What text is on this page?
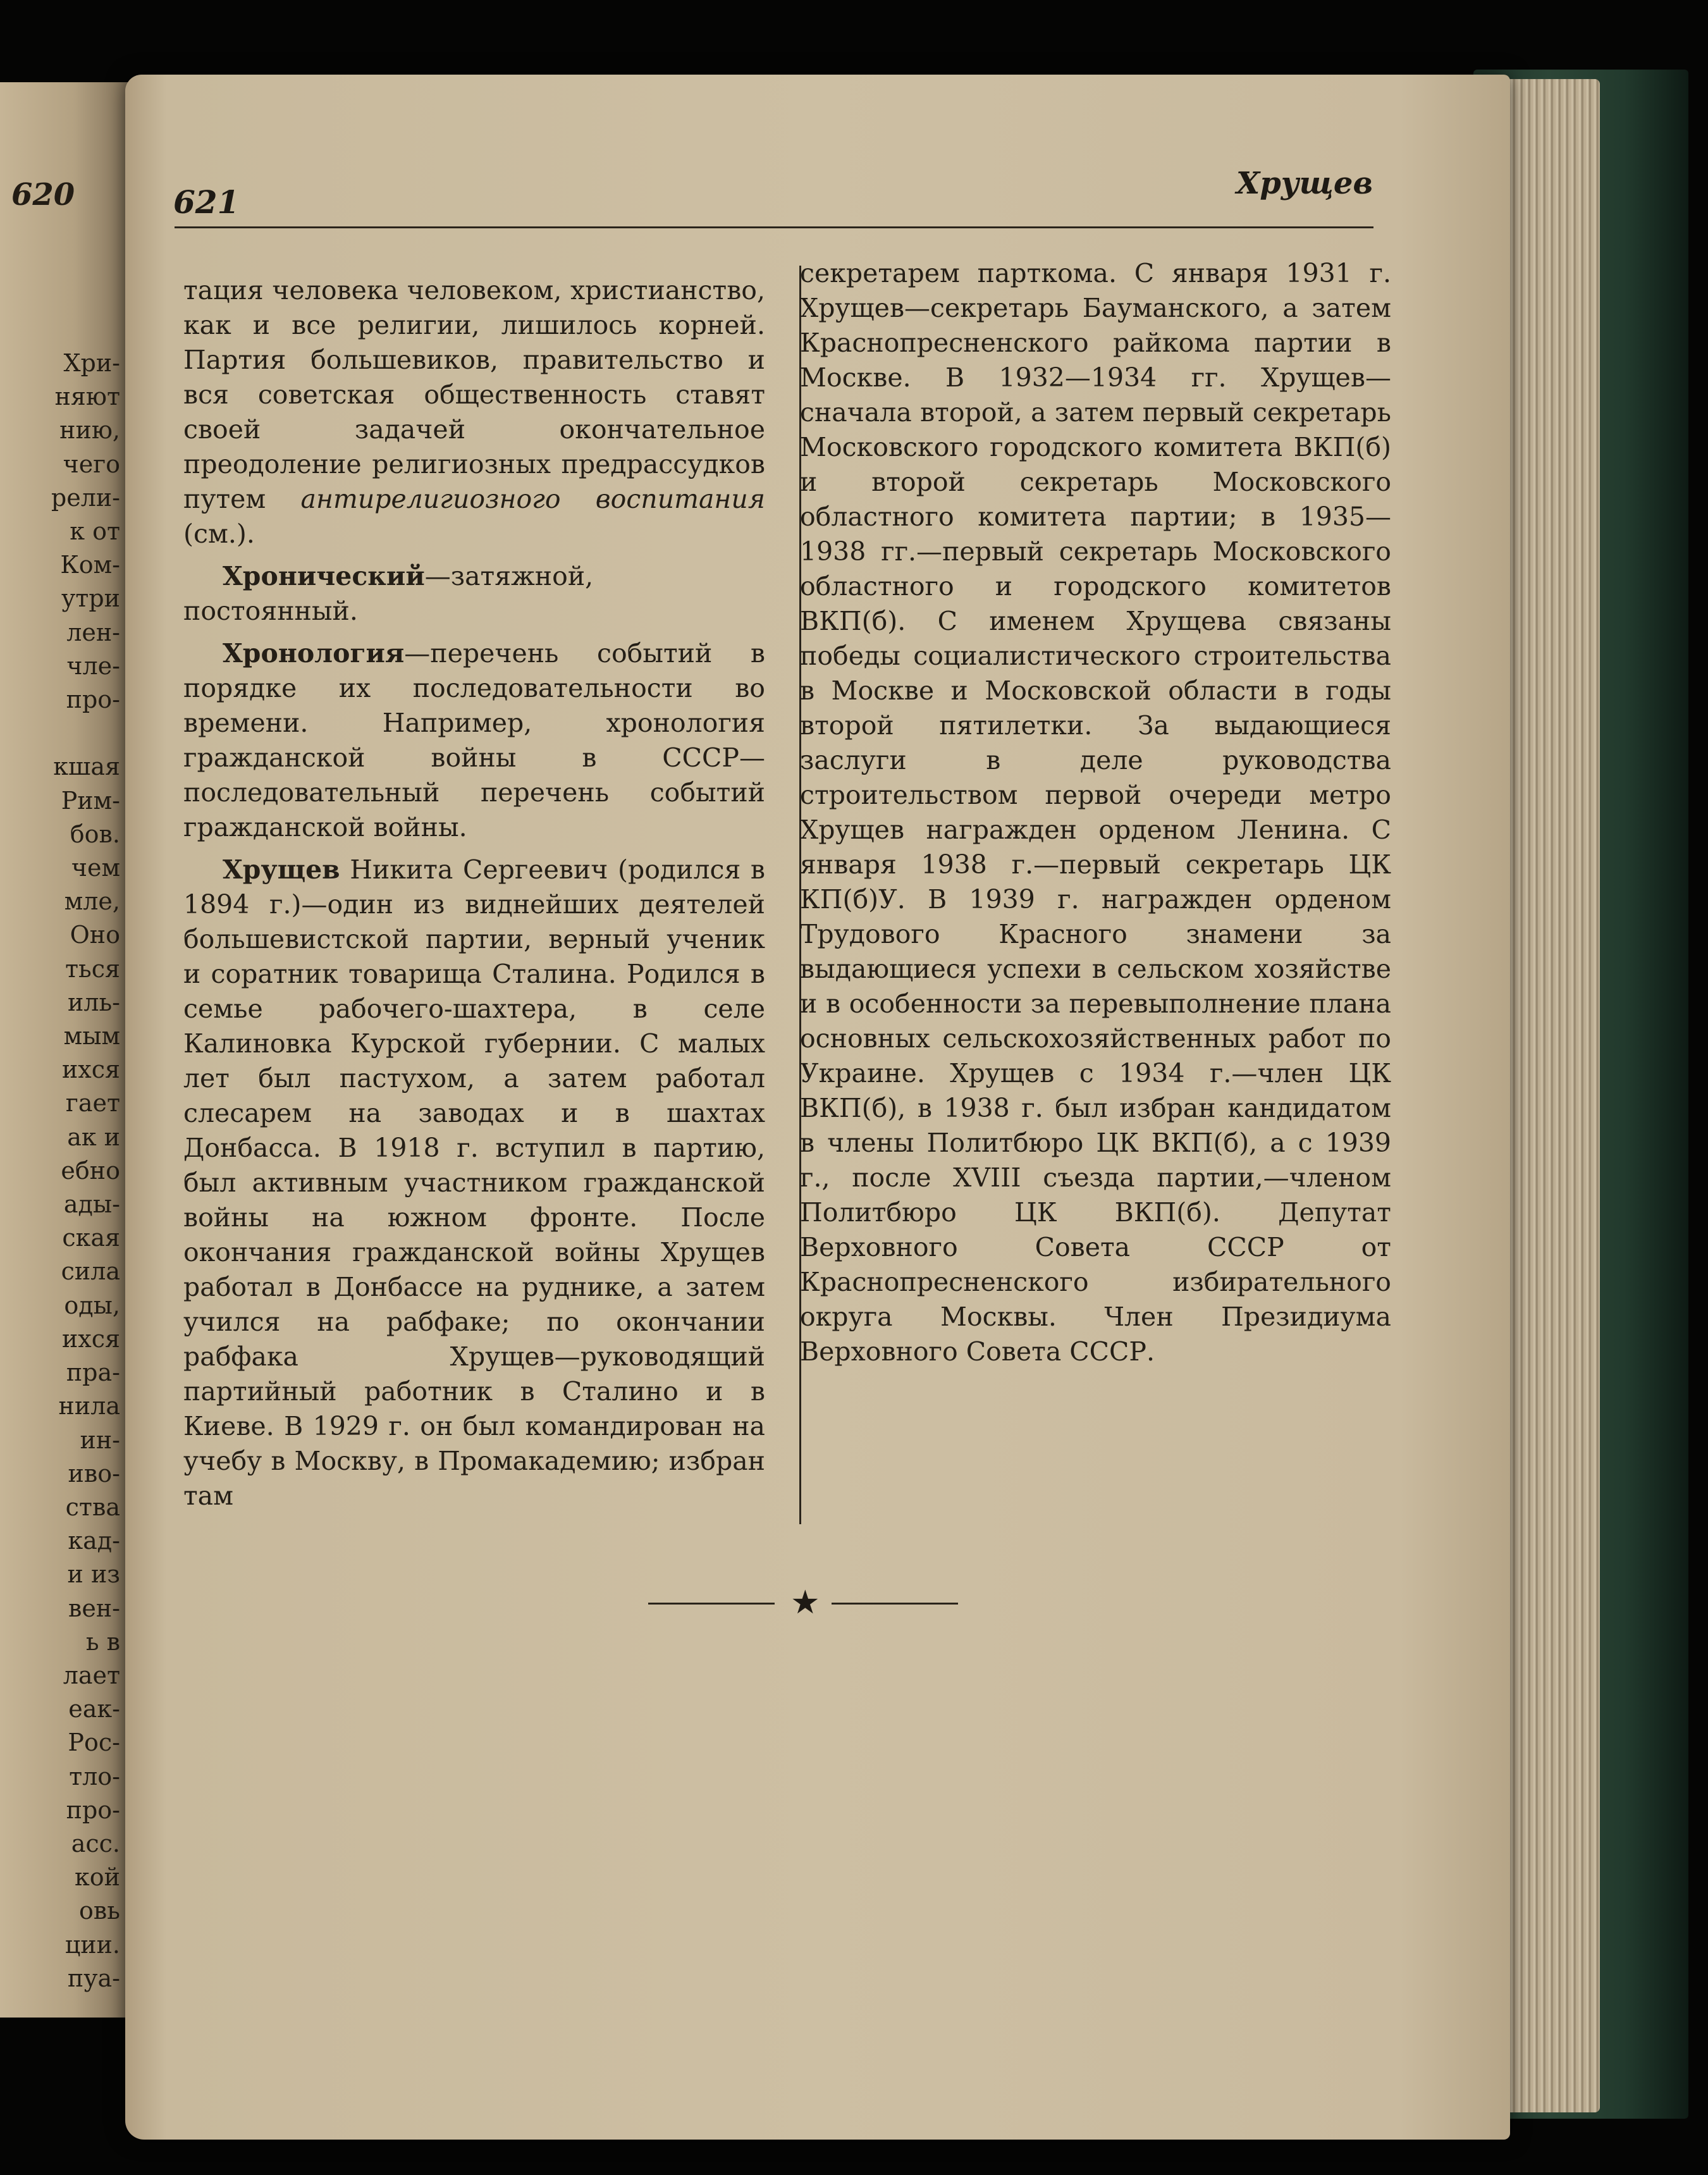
620
Хри-
няют
нию,
чего
рели-
к от
Ком-
утри
лен-
чле-
про-

кшая
Рим-
бов.
чем
мле,
Оно
ться
иль-
мым
ихся
гает
ак и
ебно
ады-
ская
сила
оды,
ихся
пра-
нила
ин-
иво-
ства
кад-
и из
вен-
ь в
лает
еак-
Рос-
тло-
про-
асс.
кой
овь
ции.
пуа-
621	Хрущев

тация человека человеком, христианство, как и все религии, лишилось корней. Партия большевиков, правительство и вся советская общественность ставят своей задачей окончательное преодоление религиозных предрассудков путем антирелигиозного воспитания (см.).

Хронический—затяжной, постоянный.

Хронология—перечень событий в порядке их последовательности во времени. Например, хронология гражданской войны в СССР—последовательный перечень событий гражданской войны.

Хрущев Никита Сергеевич (родился в 1894 г.)—один из виднейших деятелей большевистской партии, верный ученик и соратник товарища Сталина. Родился в семье рабочего-шахтера, в селе Калиновка Курской губернии. С малых лет был пастухом, а затем работал слесарем на заводах и в шахтах Донбасса. В 1918 г. вступил в партию, был активным участником гражданской войны на южном фронте. После окончания гражданской войны Хрущев работал в Донбассе на руднике, а затем учился на рабфаке; по окончании рабфака Хрущев—руководящий партийный работник в Сталино и в Киеве. В 1929 г. он был командирован на учебу в Москву, в Промакадемию; избран там

секретарем парткома. С января 1931 г. Хрущев—секретарь Бауманского, а затем Краснопресненского райкома партии в Москве. В 1932—1934 гг. Хрущев—сначала второй, а затем первый секретарь Московского городского комитета ВКП(б) и второй секретарь Московского областного комитета партии; в 1935—1938 гг.—первый секретарь Московского областного и городского комитетов ВКП(б). С именем Хрущева связаны победы социалистического строительства в Москве и Московской области в годы второй пятилетки. За выдающиеся заслуги в деле руководства строительством первой очереди метро Хрущев награжден орденом Ленина. С января 1938 г.—первый секретарь ЦК КП(б)У. В 1939 г. награжден орденом Трудового Красного знамени за выдающиеся успехи в сельском хозяйстве и в особенности за перевыполнение плана основных сельскохозяйственных работ по Украине. Хрущев с 1934 г.—член ЦК ВКП(б), в 1938 г. был избран кандидатом в члены Политбюро ЦК ВКП(б), а с 1939 г., после XVIII съезда партии,—членом Политбюро ЦК ВКП(б). Депутат Верховного Совета СССР от Краснопресненского избирательного округа Москвы. Член Президиума Верховного Совета СССР.

★
